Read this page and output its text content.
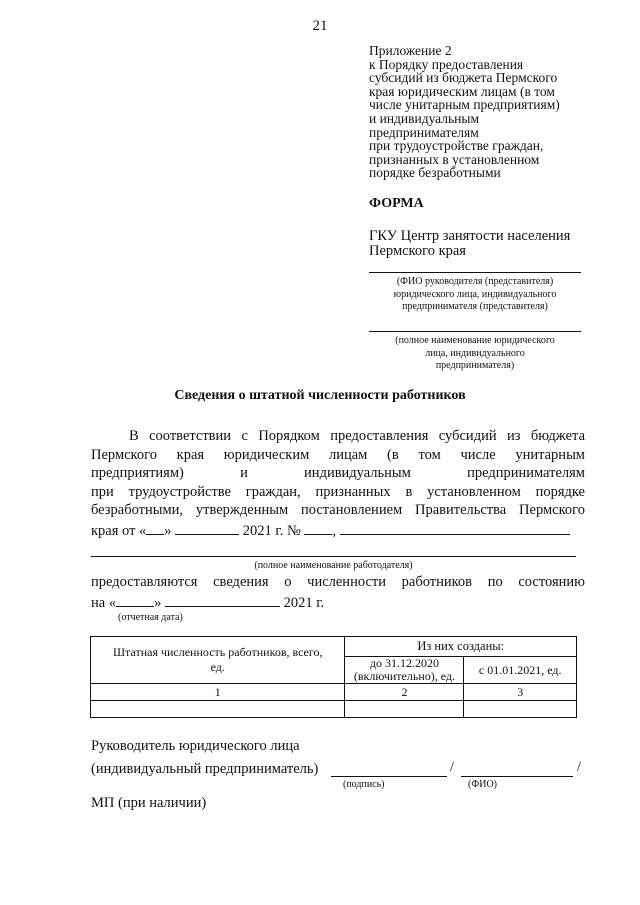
21
Приложение 2
к Порядку предоставления
субсидий из бюджета Пермского
края юридическим лицам (в том
числе унитарным предприятиям)
и индивидуальным
предпринимателям
при трудоустройстве граждан,
признанных в установленном
порядке безработными
ФОРМА
ГКУ Центр занятости населения
Пермского края
(ФИО руководителя (представителя)
юридического лица, индивидуального
предпринимателя (представителя)
(полное наименование юридического
лица, индивидуального
предпринимателя)
Сведения о штатной численности работников
В соответствии с Порядком предоставления субсидий из бюджета
Пермского края юридическим лицам (в том числе унитарным
предприятиям)	и	индивидуальным	предпринимателям
при трудоустройстве граждан, признанных в установленном порядке
безработными, утвержденным постановлением Правительства Пермского
края от « »	2021 г. № ,
(полное наименование работодателя)
предоставляются сведения о численности работников по состоянию
на «	»	2021 г.
(отчетная дата)
Штатная численность работников, всего, ед.	Из них созданы:	
	до 31.12.2020 (включительно), ед.	с 01.01.2021, ед.
1	2	3

Руководитель юридического лица
(индивидуальный предприниматель)	/	/
(подпись)	(ФИО)
МП (при наличии)
